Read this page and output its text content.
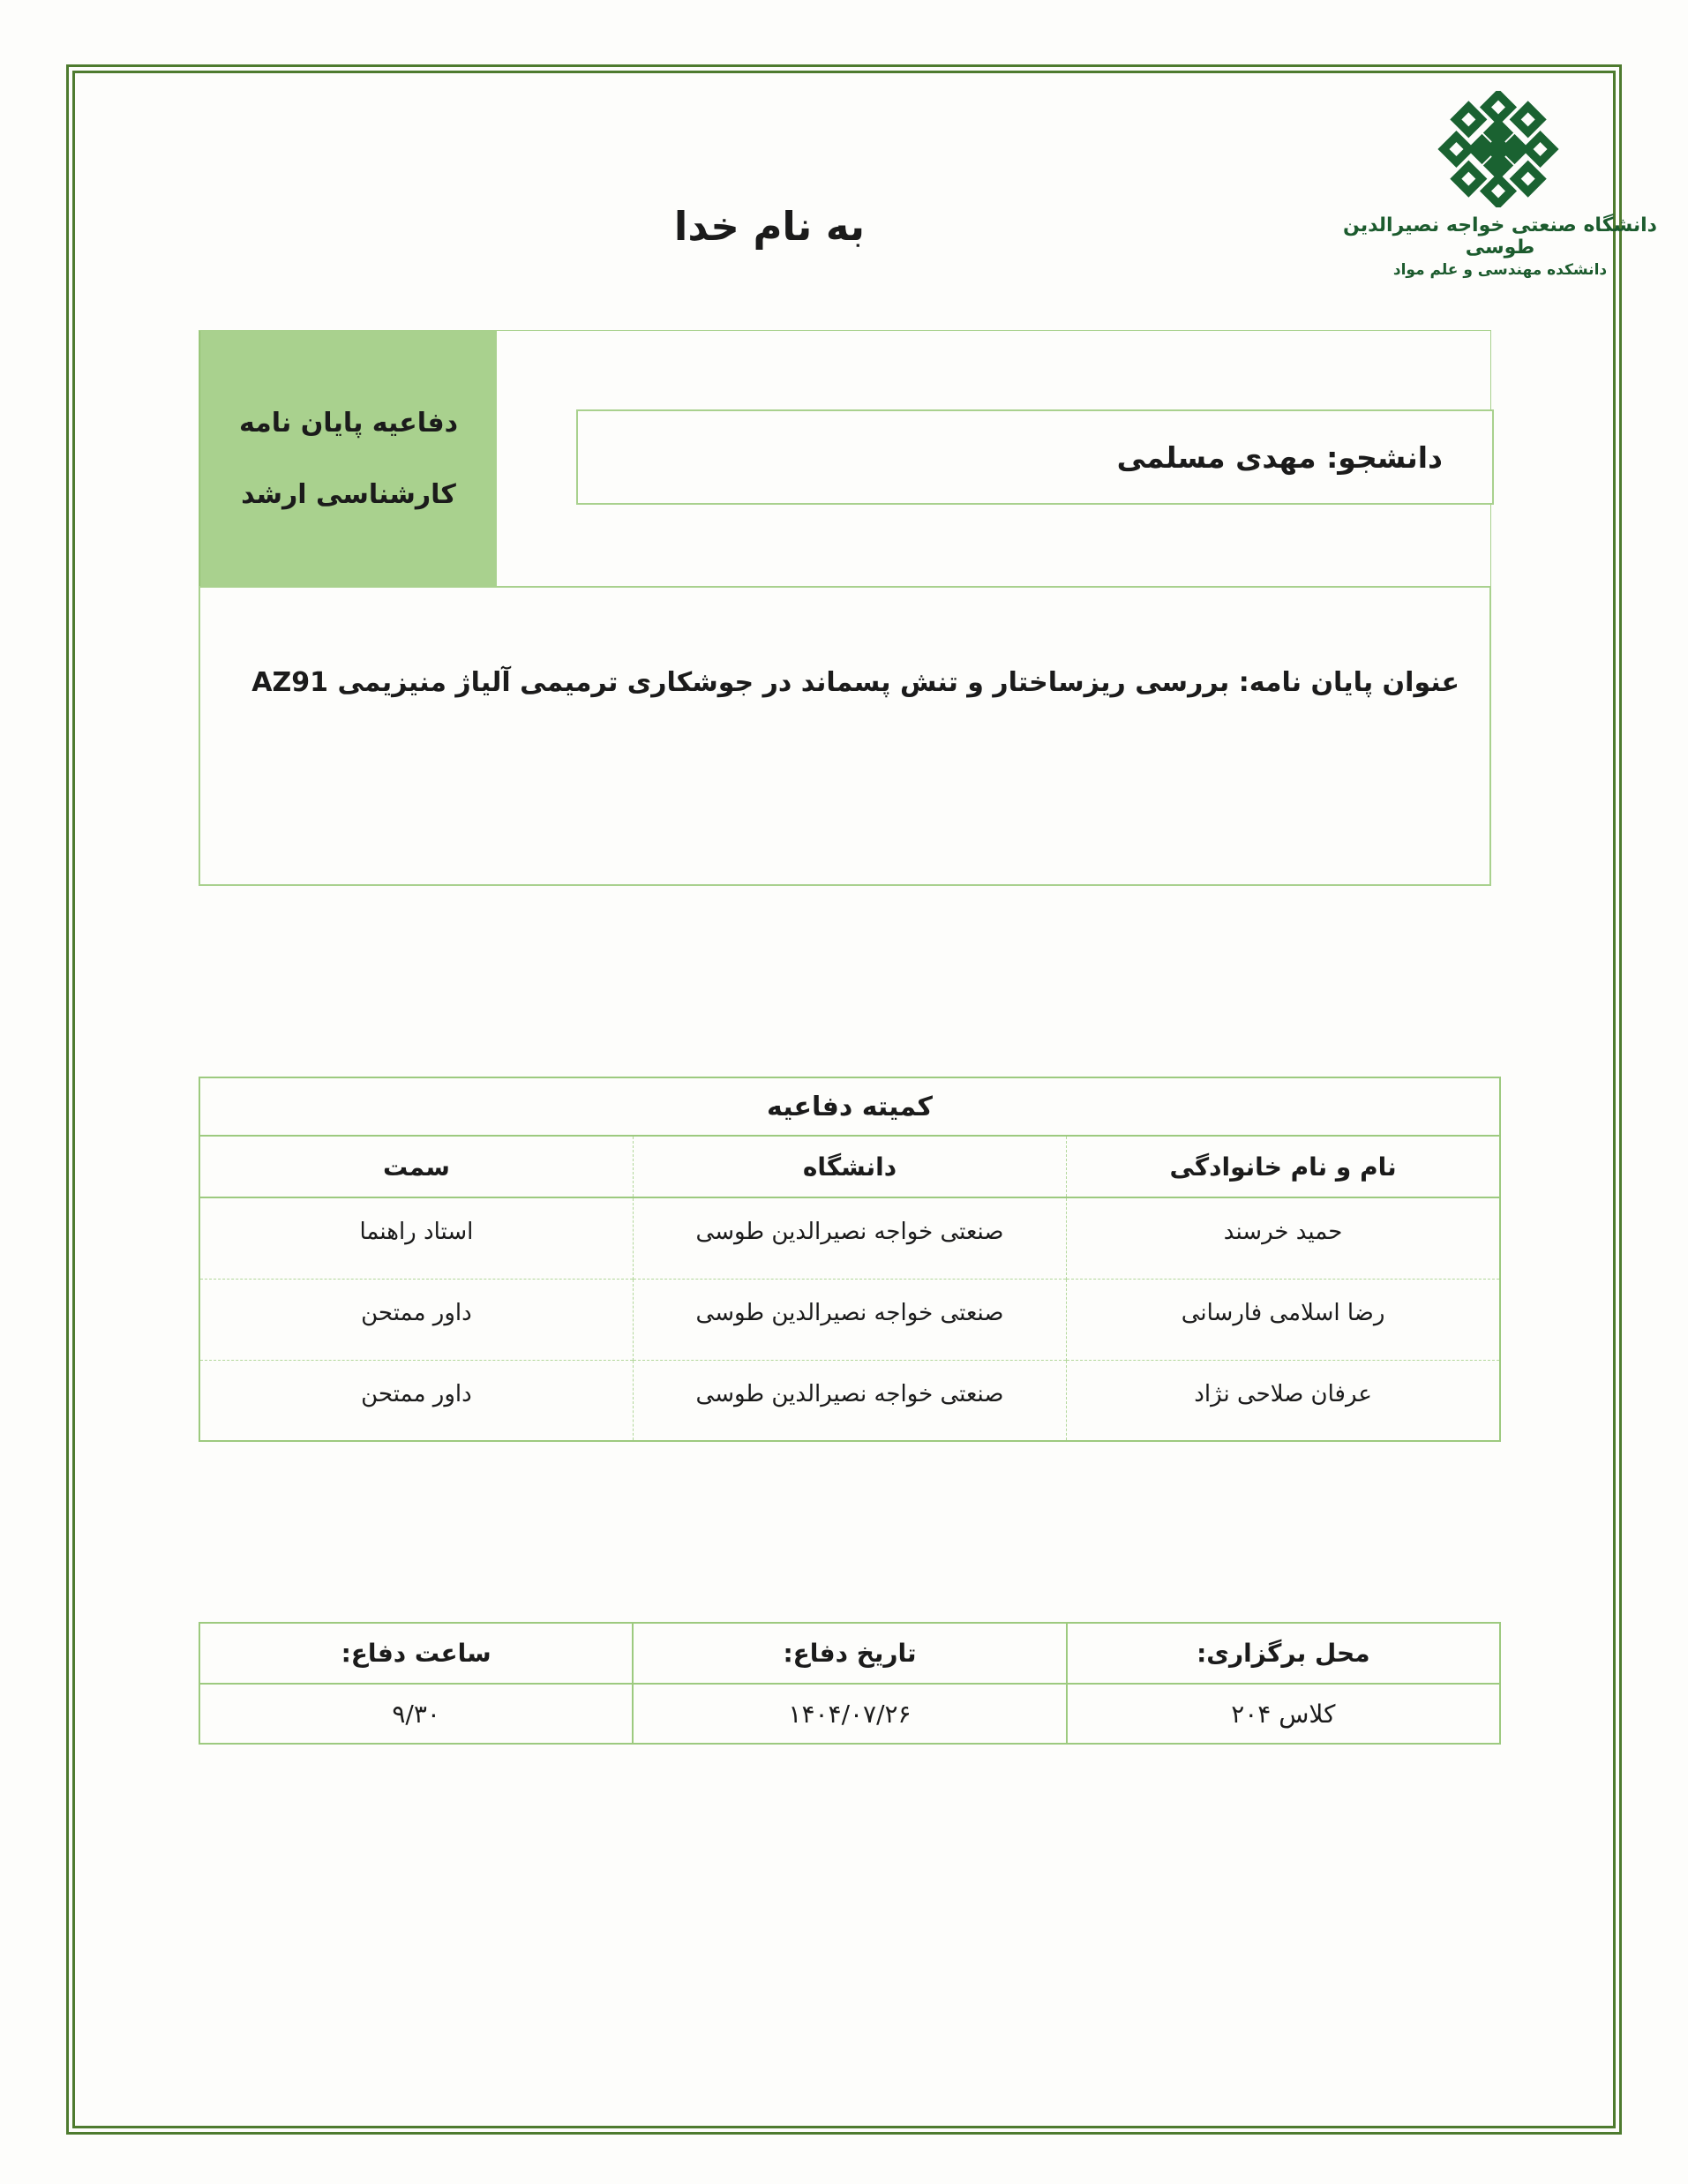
دانشگاه صنعتی خواجه نصیرالدین طوسی
دانشکده مهندسی و علم مواد
به نام خدا
دفاعیه پایان نامه
کارشناسی ارشد
دانشجو: مهدی مسلمی
عنوان پایان نامه: بررسی ریزساختار و تنش پسماند در جوشکاری ترمیمی آلیاژ منیزیمی AZ91
کمیته دفاعیه		
نام و نام خانوادگی	دانشگاه	سمت
حمید خرسند	صنعتی خواجه نصیرالدین طوسی	استاد راهنما
رضا اسلامی فارسانی	صنعتی خواجه نصیرالدین طوسی	داور ممتحن
عرفان صلاحی نژاد	صنعتی خواجه نصیرالدین طوسی	داور ممتحن
محل برگزاری:	تاریخ دفاع:	ساعت دفاع:
کلاس ۲۰۴	۱۴۰۴/۰۷/۲۶	۹/۳۰
